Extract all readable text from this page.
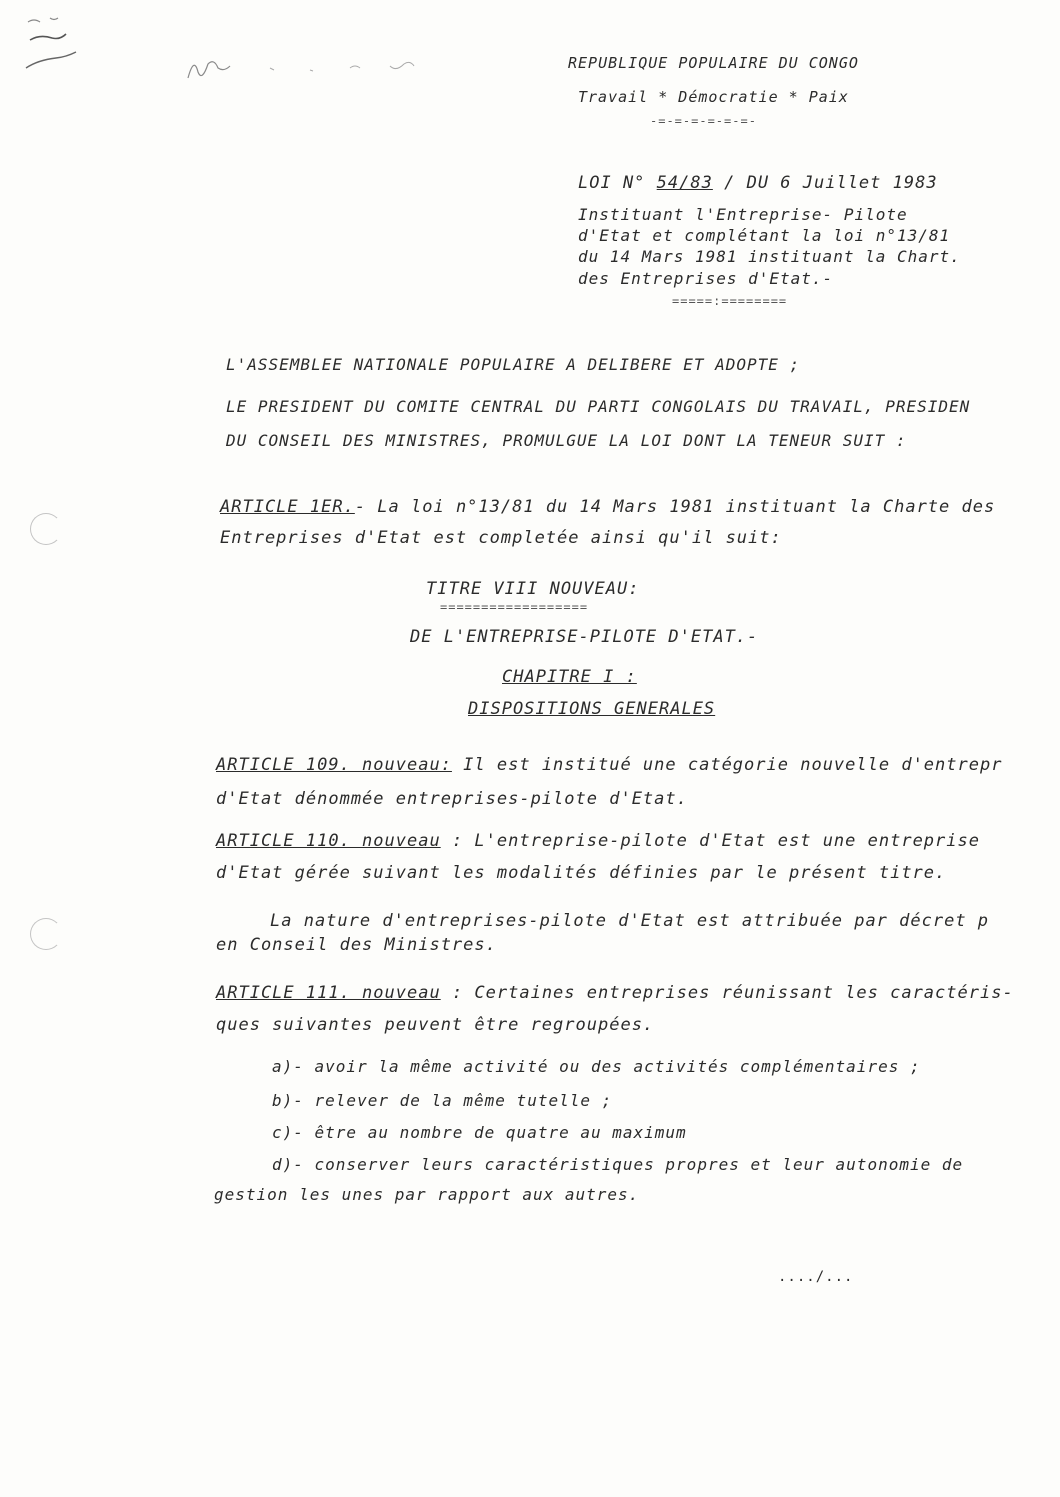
REPUBLIQUE POPULAIRE DU CONGO
Travail * Démocratie * Paix
-=-=-=-=-=-=-
LOI N° 54/83 / DU 6 Juillet 1983
Instituant l'Entreprise- Pilote
d'Etat et complétant la loi n°13/81
du 14 Mars 1981 instituant la Chart.
des Entreprises d'Etat.-
=====:========
L'ASSEMBLEE NATIONALE POPULAIRE A DELIBERE ET ADOPTE ;
LE PRESIDENT DU COMITE CENTRAL DU PARTI CONGOLAIS DU TRAVAIL, PRESIDEN
DU CONSEIL DES MINISTRES, PROMULGUE LA LOI DONT LA TENEUR SUIT :
ARTICLE 1ER.- La loi n°13/81 du 14 Mars 1981 instituant la Charte des
Entreprises d'Etat est completée ainsi qu'il suit:
TITRE VIII NOUVEAU:
==================
DE L'ENTREPRISE-PILOTE D'ETAT.-
CHAPITRE I :
DISPOSITIONS GENERALES
ARTICLE 109. nouveau: Il est institué une catégorie nouvelle d'entrepr
d'Etat dénommée entreprises-pilote d'Etat.
ARTICLE 110. nouveau : L'entreprise-pilote d'Etat est une entreprise
d'Etat gérée suivant les modalités définies par le présent titre.
La nature d'entreprises-pilote d'Etat est attribuée par décret p
en Conseil des Ministres.
ARTICLE 111. nouveau : Certaines entreprises réunissant les caractéris-
ques suivantes peuvent être regroupées.
a)- avoir la même activité ou des activités complémentaires ;
b)- relever de la même tutelle ;
c)- être au nombre de quatre au maximum
d)- conserver leurs caractéristiques propres et leur autonomie de
gestion les unes par rapport aux autres.
..../...
